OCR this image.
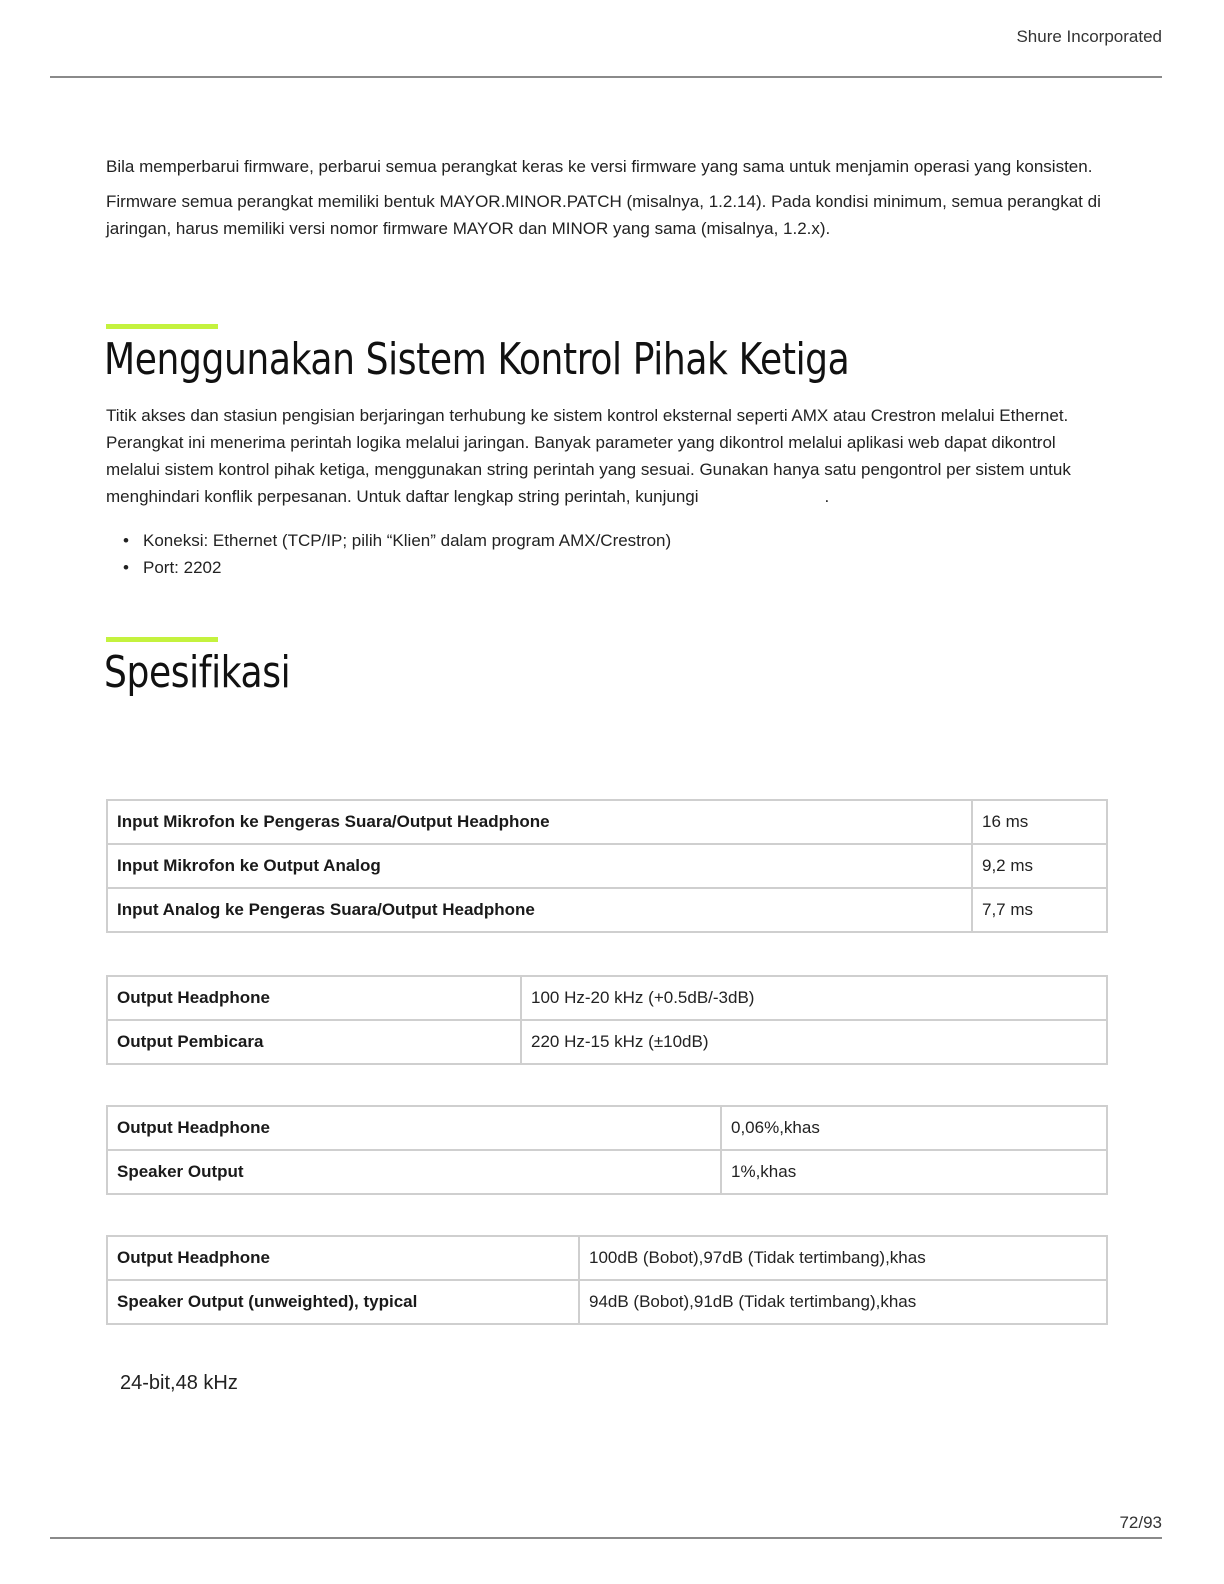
Shure Incorporated

Bila memperbarui firmware, perbarui semua perangkat keras ke versi firmware yang sama untuk menjamin operasi yang konsisten.

Firmware semua perangkat memiliki bentuk MAYOR.MINOR.PATCH (misalnya, 1.2.14). Pada kondisi minimum, semua perangkat di jaringan, harus memiliki versi nomor firmware MAYOR dan MINOR yang sama (misalnya, 1.2.x).

Menggunakan Sistem Kontrol Pihak Ketiga

Titik akses dan stasiun pengisian berjaringan terhubung ke sistem kontrol eksternal seperti AMX atau Crestron melalui Ethernet. Perangkat ini menerima perintah logika melalui jaringan. Banyak parameter yang dikontrol melalui aplikasi web dapat dikontrol melalui sistem kontrol pihak ketiga, menggunakan string perintah yang sesuai. Gunakan hanya satu pengontrol per sistem untuk menghindari konflik perpesanan. Untuk daftar lengkap string perintah, kunjungi	.

• Koneksi: Ethernet (TCP/IP; pilih “Klien” dalam program AMX/Crestron)
• Port: 2202
Spesifikasi
Input Mikrofon ke Pengeras Suara/Output Headphone	16 ms
Input Mikrofon ke Output Analog	9,2 ms
Input Analog ke Pengeras Suara/Output Headphone	7,7 ms
Output Headphone	100 Hz-20 kHz (+0.5dB/-3dB)
Output Pembicara	220 Hz-15 kHz (±10dB)
Output Headphone	0,06%,khas
Speaker Output	1%,khas
Output Headphone	100dB (Bobot),97dB (Tidak tertimbang),khas
Speaker Output (unweighted), typical	94dB (Bobot),91dB (Tidak tertimbang),khas
24-bit,48 kHz
72/93
